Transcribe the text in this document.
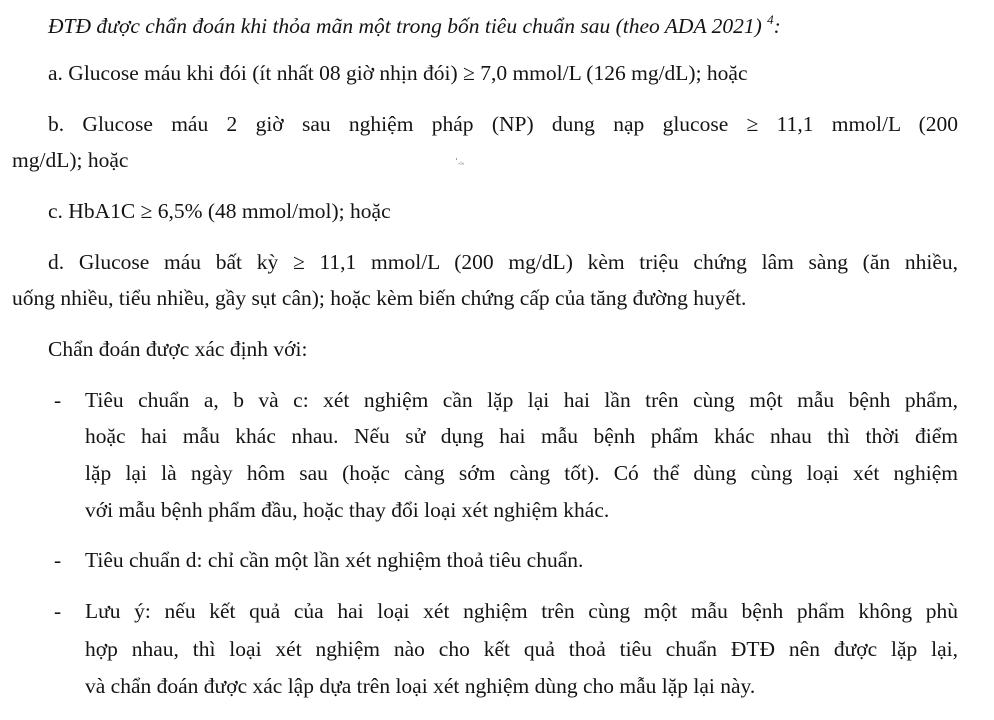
ĐTĐ được chẩn đoán khi thỏa mãn một trong bốn tiêu chuẩn sau (theo ADA 2021) $^4$:
a. Glucose máu khi đói (ít nhất 08 giờ nhịn đói) ≥ 7,0 mmol/L (126 mg/dL); hoặc
b. Glucose máu 2 giờ sau nghiệm pháp (NP) dung nạp glucose ≥ 11,1 mmol/L (200
mg/dL); hoặc	ʻ.ᵢᵥ
c. HbA1C ≥ 6,5% (48 mmol/mol); hoặc
d. Glucose máu bất kỳ ≥ 11,1 mmol/L (200 mg/dL) kèm triệu chứng lâm sàng (ăn nhiều,
uống nhiều, tiểu nhiều, gầy sụt cân); hoặc kèm biến chứng cấp của tăng đường huyết.
Chẩn đoán được xác định với:
- Tiêu chuẩn a, b và c: xét nghiệm cần lặp lại hai lần trên cùng một mẫu bệnh phẩm,
hoặc hai mẫu khác nhau. Nếu sử dụng hai mẫu bệnh phẩm khác nhau thì thời điểm
lặp lại là ngày hôm sau (hoặc càng sớm càng tốt). Có thể dùng cùng loại xét nghiệm
với mẫu bệnh phẩm đầu, hoặc thay đổi loại xét nghiệm khác.
- Tiêu chuẩn d: chỉ cần một lần xét nghiệm thoả tiêu chuẩn.
- Lưu ý: nếu kết quả của hai loại xét nghiệm trên cùng một mẫu bệnh phẩm không phù
hợp nhau, thì loại xét nghiệm nào cho kết quả thoả tiêu chuẩn ĐTĐ nên được lặp lại,
và chẩn đoán được xác lập dựa trên loại xét nghiệm dùng cho mẫu lặp lại này.
